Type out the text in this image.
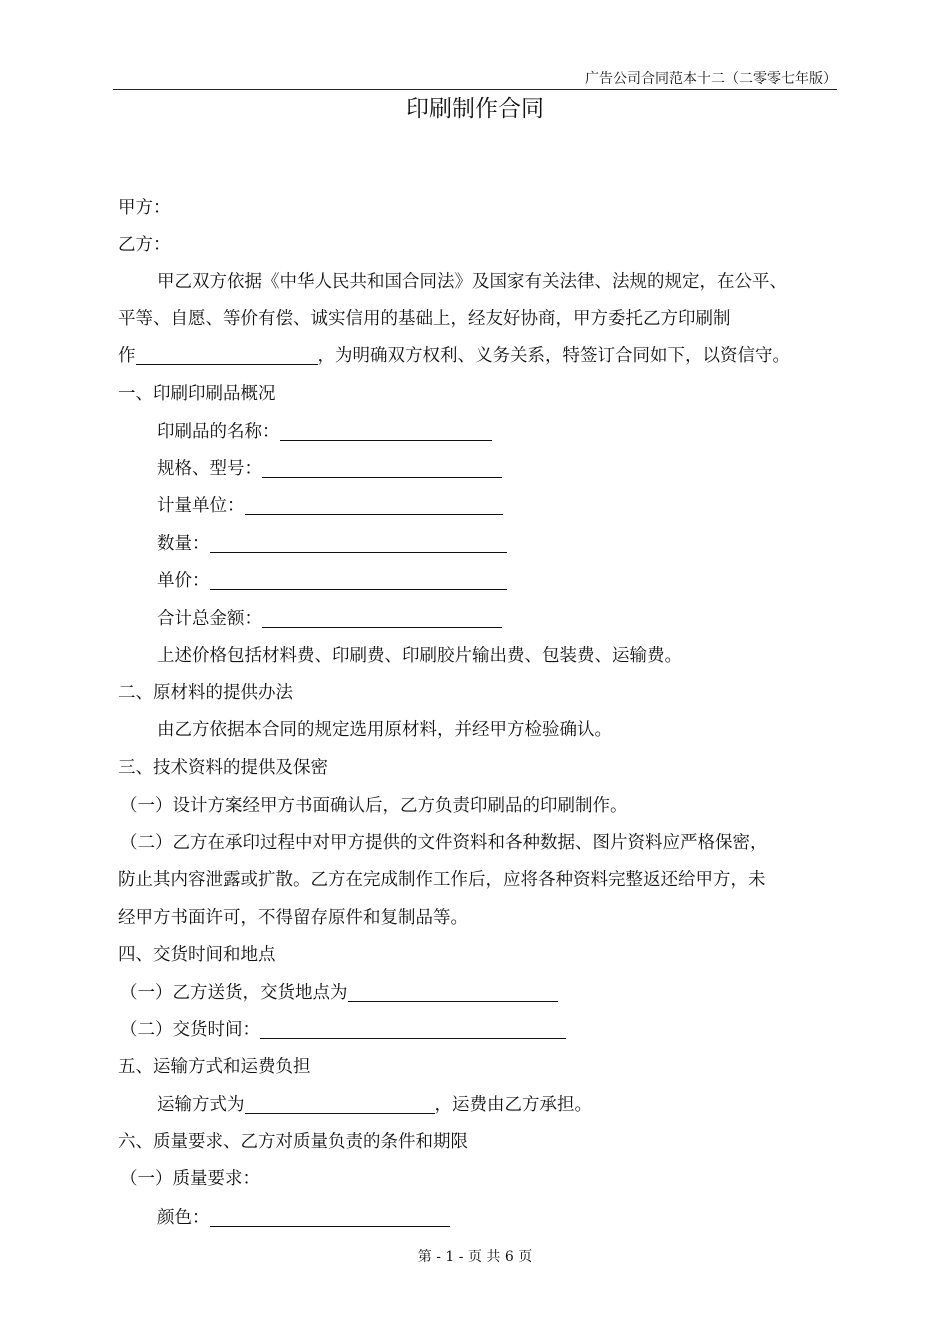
广告公司合同范本十二（二零零七年版）
印刷制作合同
甲方：
乙方：
甲乙双方依据《中华人民共和国合同法》及国家有关法律、法规的规定，在公平、
平等、自愿、等价有偿、诚实信用的基础上，经友好协商，甲方委托乙方印刷制
作	，为明确双方权利、义务关系，特签订合同如下，以资信守。
一、印刷印刷品概况
印刷品的名称：
规格、型号：
计量单位：
数量：
单价：
合计总金额：
上述价格包括材料费、印刷费、印刷胶片输出费、包装费、运输费。
二、原材料的提供办法
由乙方依据本合同的规定选用原材料，并经甲方检验确认。
三、技术资料的提供及保密
（一）设计方案经甲方书面确认后，乙方负责印刷品的印刷制作。
（二）乙方在承印过程中对甲方提供的文件资料和各种数据、图片资料应严格保密，
防止其内容泄露或扩散。乙方在完成制作工作后，应将各种资料完整返还给甲方，未
经甲方书面许可，不得留存原件和复制品等。
四、交货时间和地点
（一）乙方送货，交货地点为
（二）交货时间：
五、运输方式和运费负担
运输方式为	，运费由乙方承担。
六、质量要求、乙方对质量负责的条件和期限
（一）质量要求：
颜色：
第 - 1 - 页 共 6 页
